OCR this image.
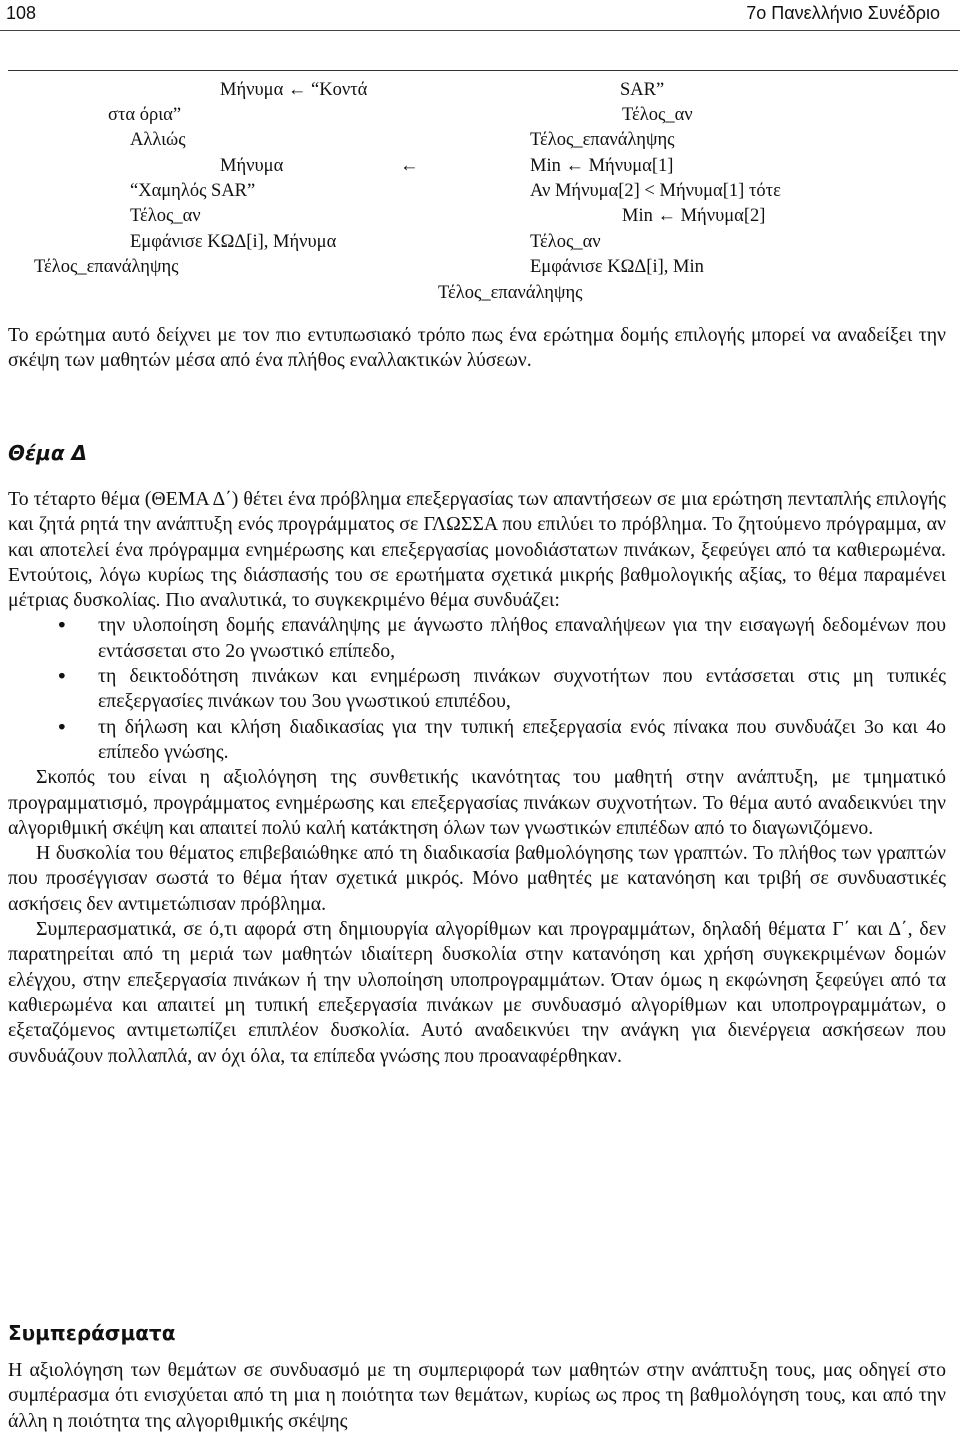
108	7ο Πανελλήνιο Συνέδριο
Μήνυμα ← “Κοντά
στα όρια”
Αλλιώς
Μήνυμα	←
“Χαμηλός SAR”
Τέλος_αν
Εμφάνισε ΚΩΔ[i], Μήνυμα
Τέλος_επανάληψης
SAR”
Τέλος_αν
Τέλος_επανάληψης
Min ← Μήνυμα[1]
Αν Μήνυμα[2] < Μήνυμα[1] τότε
Min ← Μήνυμα[2]
Τέλος_αν
Εμφάνισε ΚΩΔ[i], Min
Τέλος_επανάληψης

Το ερώτημα αυτό δείχνει με τον πιο εντυπωσιακό τρόπο πως ένα ερώτημα δομής επιλογής μπορεί να αναδείξει την σκέψη των μαθητών μέσα από ένα πλήθος εναλλακτικών λύσεων.

Θέμα Δ

Το τέταρτο θέμα (ΘΕΜΑ Δ΄) θέτει ένα πρόβλημα επεξεργασίας των απαντήσεων σε μια ερώτηση πενταπλής επιλογής και ζητά ρητά την ανάπτυξη ενός προγράμματος σε ΓΛΩΣΣΑ που επιλύει το πρόβλημα. Το ζητούμενο πρόγραμμα, αν και αποτελεί ένα πρόγραμμα ενημέρωσης και επεξεργασίας μονοδιάστατων πινάκων, ξεφεύγει από τα καθιερωμένα. Εντούτοις, λόγω κυρίως της διάσπασής του σε ερωτήματα σχετικά μικρής βαθμολογικής αξίας, το θέμα παραμένει μέτριας δυσκολίας. Πιο αναλυτικά, το συγκεκριμένο θέμα συνδυάζει:

• την υλοποίηση δομής επανάληψης με άγνωστο πλήθος επαναλήψεων για την εισαγωγή δεδομένων που εντάσσεται στο 2ο γνωστικό επίπεδο,
• τη δεικτοδότηση πινάκων και ενημέρωση πινάκων συχνοτήτων που εντάσσεται στις μη τυπικές επεξεργασίες πινάκων του 3ου γνωστικού επιπέδου,
• τη δήλωση και κλήση διαδικασίας για την τυπική επεξεργασία ενός πίνακα που συνδυάζει 3ο και 4ο επίπεδο γνώσης.

Σκοπός του είναι η αξιολόγηση της συνθετικής ικανότητας του μαθητή στην ανάπτυξη, με τμηματικό προγραμματισμό, προγράμματος ενημέρωσης και επεξεργασίας πινάκων συχνοτήτων. Το θέμα αυτό αναδεικνύει την αλγοριθμική σκέψη και απαιτεί πολύ καλή κατάκτηση όλων των γνωστικών επιπέδων από το διαγωνιζόμενο.

Η δυσκολία του θέματος επιβεβαιώθηκε από τη διαδικασία βαθμολόγησης των γραπτών. Το πλήθος των γραπτών που προσέγγισαν σωστά το θέμα ήταν σχετικά μικρός. Μόνο μαθητές με κατανόηση και τριβή σε συνδυαστικές ασκήσεις δεν αντιμετώπισαν πρόβλημα.

Συμπερασματικά, σε ό,τι αφορά στη δημιουργία αλγορίθμων και προγραμμάτων, δηλαδή θέματα Γ΄ και Δ΄, δεν παρατηρείται από τη μεριά των μαθητών ιδιαίτερη δυσκολία στην κατανόηση και χρήση συγκεκριμένων δομών ελέγχου, στην επεξεργασία πινάκων ή την υλοποίηση υποπρογραμμάτων. Όταν όμως η εκφώνηση ξεφεύγει από τα καθιερωμένα και απαιτεί μη τυπική επεξεργασία πινάκων με συνδυασμό αλγορίθμων και υποπρογραμμάτων, ο εξεταζόμενος αντιμετωπίζει επιπλέον δυσκολία. Αυτό αναδεικνύει την ανάγκη για διενέργεια ασκήσεων που συνδυάζουν πολλαπλά, αν όχι όλα, τα επίπεδα γνώσης που προαναφέρθηκαν.

Συμπεράσματα

Η αξιολόγηση των θεμάτων σε συνδυασμό με τη συμπεριφορά των μαθητών στην ανάπτυξη τους, μας οδηγεί στο συμπέρασμα ότι ενισχύεται από τη μια η ποιότητα των θεμάτων, κυρίως ως προς τη βαθμολόγηση τους, και από την άλλη η ποιότητα της αλγοριθμικής σκέψης
